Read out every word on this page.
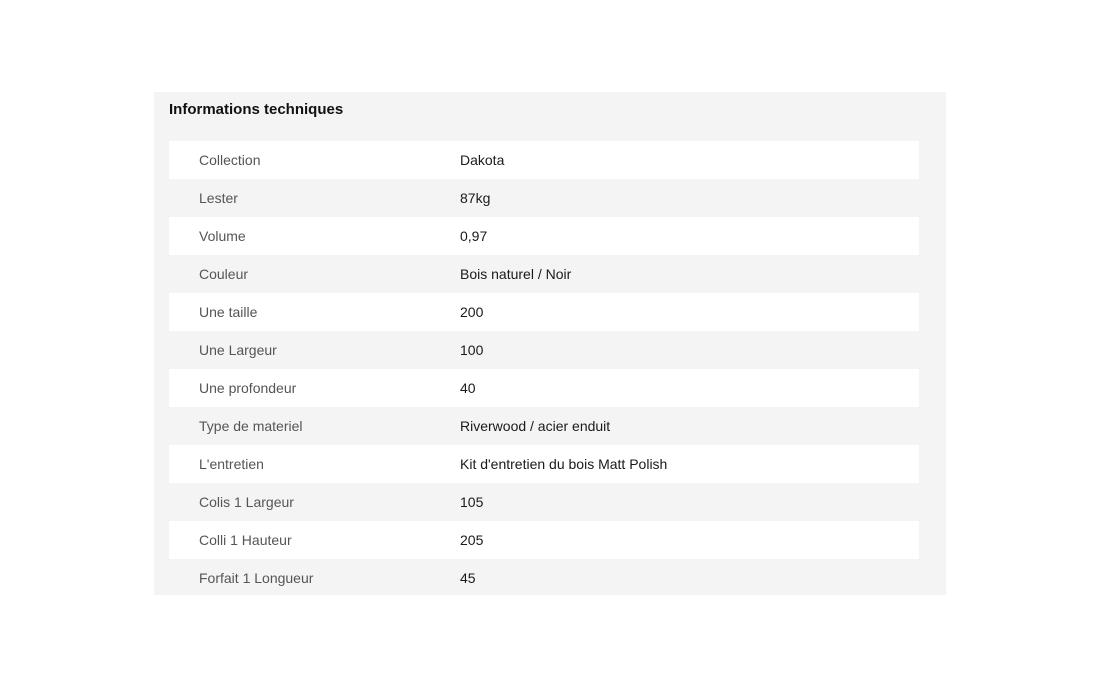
Informations techniques
Collection	Dakota
Lester	87kg
Volume	0,97
Couleur	Bois naturel / Noir
Une taille	200
Une Largeur	100
Une profondeur	40
Type de materiel	Riverwood / acier enduit
L'entretien	Kit d'entretien du bois Matt Polish
Colis 1 Largeur	105
Colli 1 Hauteur	205
Forfait 1 Longueur	45
